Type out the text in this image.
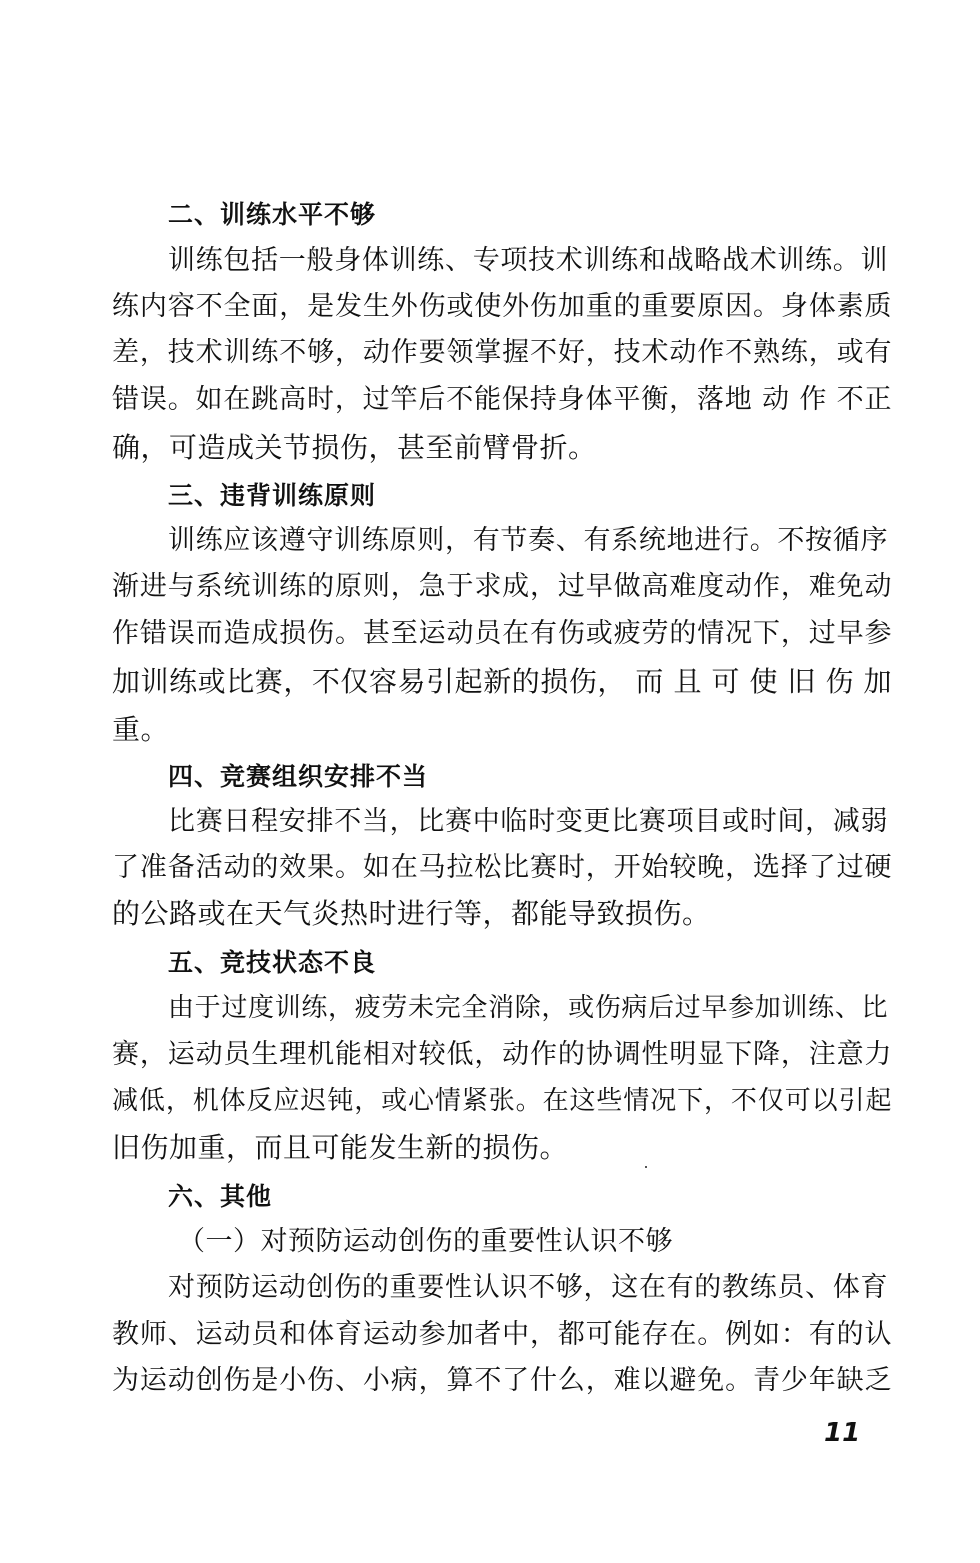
二、训练水平不够
训练包括一般身体训练、专项技术训练和战略战术训练。训
练内容不全面，是发生外伤或使外伤加重的重要原因。身体素质
差，技术训练不够，动作要领掌握不好，技术动作不熟练，或有
错误。如在跳高时，过竿后不能保持身体平衡，落地 动 作 不正
确，可造成关节损伤，甚至前臂骨折。
三、违背训练原则
训练应该遵守训练原则，有节奏、有系统地进行。不按循序
渐进与系统训练的原则，急于求成，过早做高难度动作，难免动
作错误而造成损伤。甚至运动员在有伤或疲劳的情况下，过早参
加训练或比赛，不仅容易引起新的损伤， 而 且 可 使 旧 伤 加
重。
四、竞赛组织安排不当
比赛日程安排不当，比赛中临时变更比赛项目或时间，减弱
了准备活动的效果。如在马拉松比赛时，开始较晚，选择了过硬
的公路或在天气炎热时进行等，都能导致损伤。
五、竞技状态不良
由于过度训练，疲劳未完全消除，或伤病后过早参加训练、比
赛，运动员生理机能相对较低，动作的协调性明显下降，注意力
减低，机体反应迟钝，或心情紧张。在这些情况下，不仅可以引起
旧伤加重，而且可能发生新的损伤。
六、其他
（一）对预防运动创伤的重要性认识不够
对预防运动创伤的重要性认识不够，这在有的教练员、体育
教师、运动员和体育运动参加者中，都可能存在。例如：有的认
为运动创伤是小伤、小病，算不了什么，难以避免。青少年缺乏
11
